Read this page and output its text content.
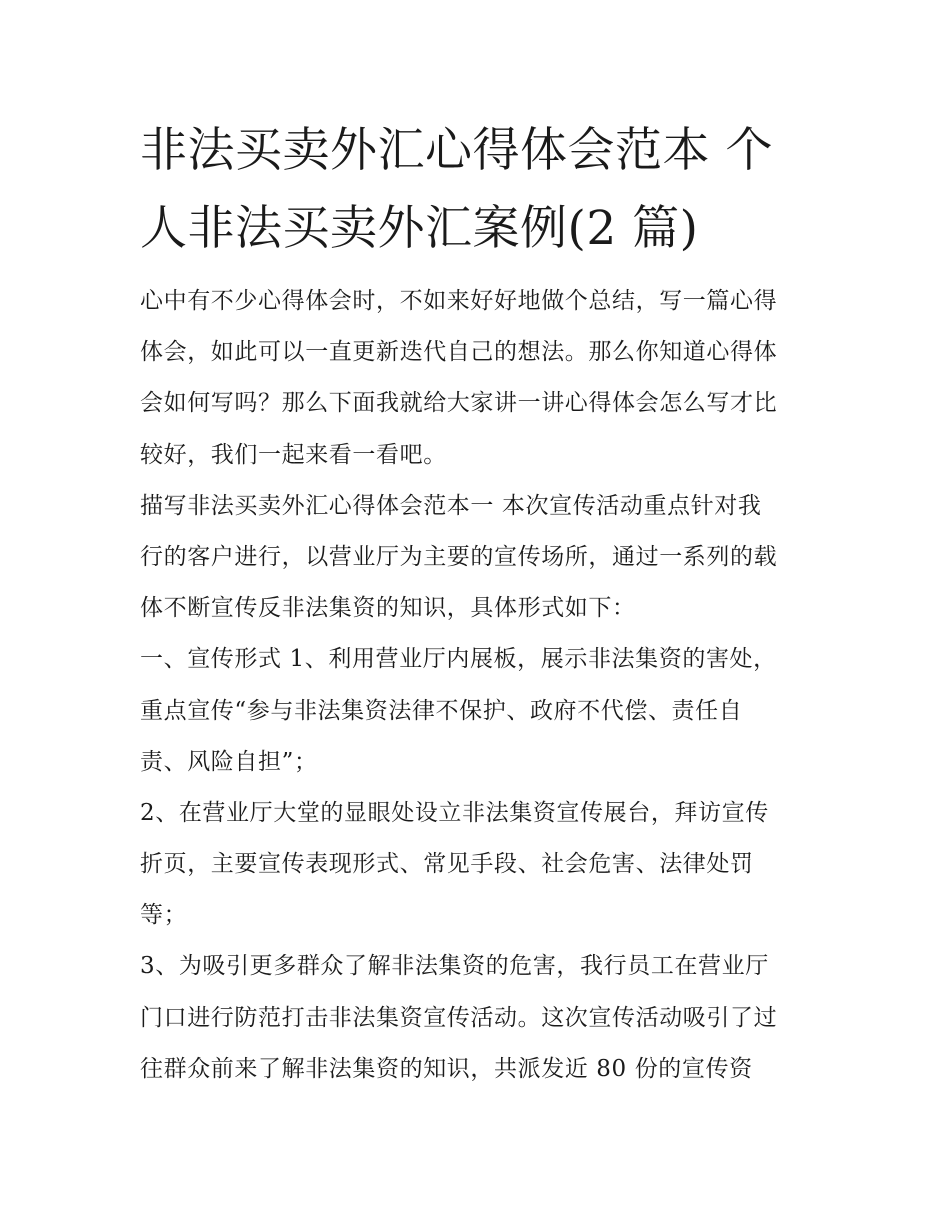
非法买卖外汇心得体会范本 个人非法买卖外汇案例(2 篇)
心中有不少心得体会时，不如来好好地做个总结，写一篇心得
体会，如此可以一直更新迭代自己的想法。那么你知道心得体
会如何写吗？那么下面我就给大家讲一讲心得体会怎么写才比
较好，我们一起来看一看吧。
描写非法买卖外汇心得体会范本一 本次宣传活动重点针对我
行的客户进行，以营业厅为主要的宣传场所，通过一系列的载
体不断宣传反非法集资的知识，具体形式如下：
一、宣传形式 1、利用营业厅内展板，展示非法集资的害处，
重点宣传“参与非法集资法律不保护、政府不代偿、责任自
责、风险自担”；
2、在营业厅大堂的显眼处设立非法集资宣传展台，拜访宣传
折页，主要宣传表现形式、常见手段、社会危害、法律处罚
等；
3、为吸引更多群众了解非法集资的危害，我行员工在营业厅
门口进行防范打击非法集资宣传活动。这次宣传活动吸引了过
往群众前来了解非法集资的知识，共派发近 80 份的宣传资
